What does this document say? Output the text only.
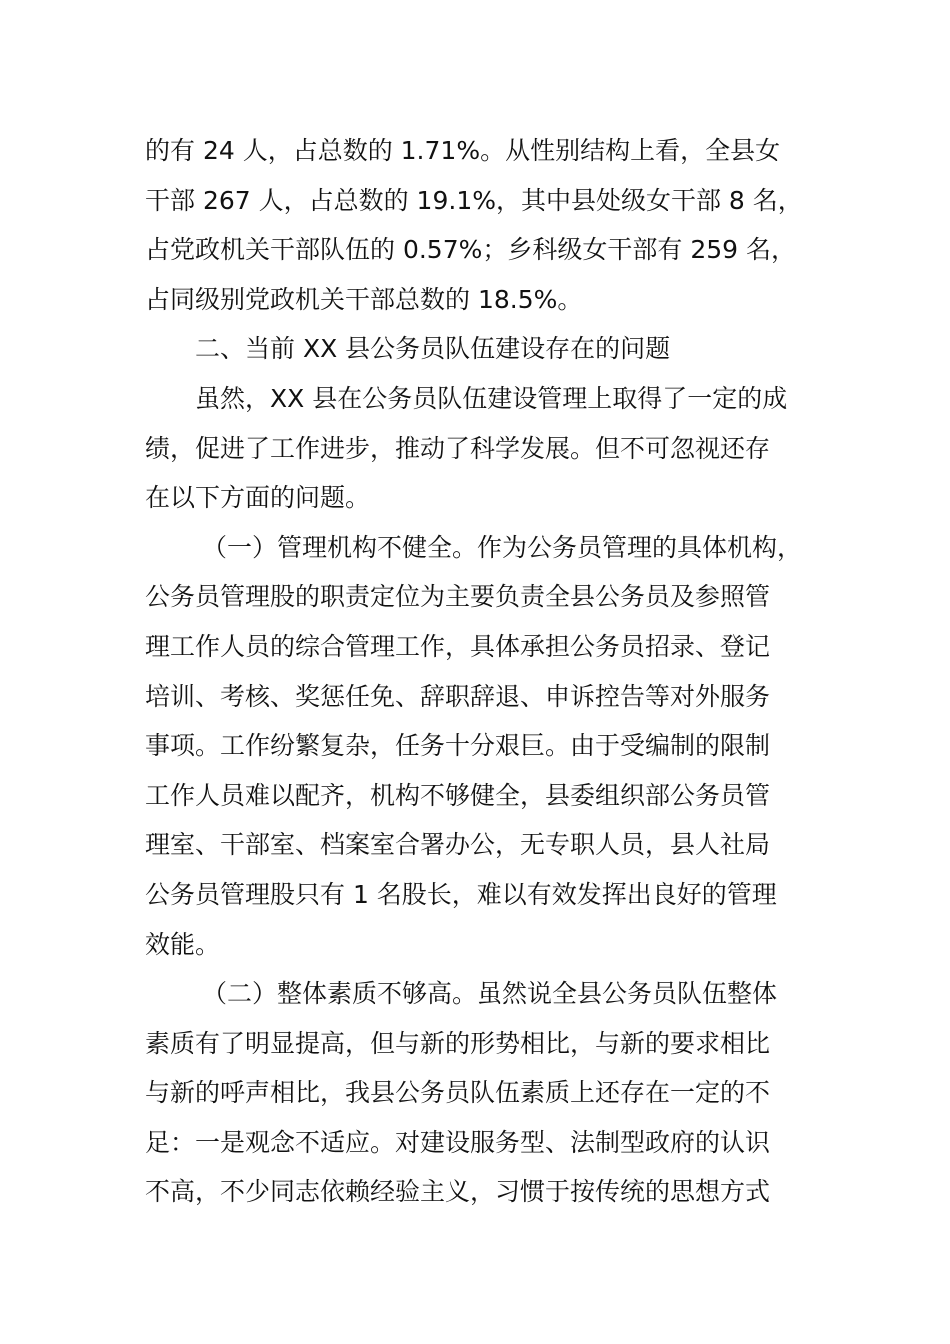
的有 24 人，占总数的 1.71%。从性别结构上看，全县女
干部 267 人，占总数的 19.1%，其中县处级女干部 8 名，
占党政机关干部队伍的 0.57%；乡科级女干部有 259 名，
占同级别党政机关干部总数的 18.5%。
二、当前 XX 县公务员队伍建设存在的问题
虽然，XX 县在公务员队伍建设管理上取得了一定的成
绩，促进了工作进步，推动了科学发展。但不可忽视还存
在以下方面的问题。
（一）管理机构不健全。作为公务员管理的具体机构，
公务员管理股的职责定位为主要负责全县公务员及参照管
理工作人员的综合管理工作，具体承担公务员招录、登记
培训、考核、奖惩任免、辞职辞退、申诉控告等对外服务
事项。工作纷繁复杂，任务十分艰巨。由于受编制的限制
工作人员难以配齐，机构不够健全，县委组织部公务员管
理室、干部室、档案室合署办公，无专职人员，县人社局
公务员管理股只有 1 名股长，难以有效发挥出良好的管理
效能。
（二）整体素质不够高。虽然说全县公务员队伍整体
素质有了明显提高，但与新的形势相比，与新的要求相比
与新的呼声相比，我县公务员队伍素质上还存在一定的不
足：一是观念不适应。对建设服务型、法制型政府的认识
不高，不少同志依赖经验主义，习惯于按传统的思想方式
